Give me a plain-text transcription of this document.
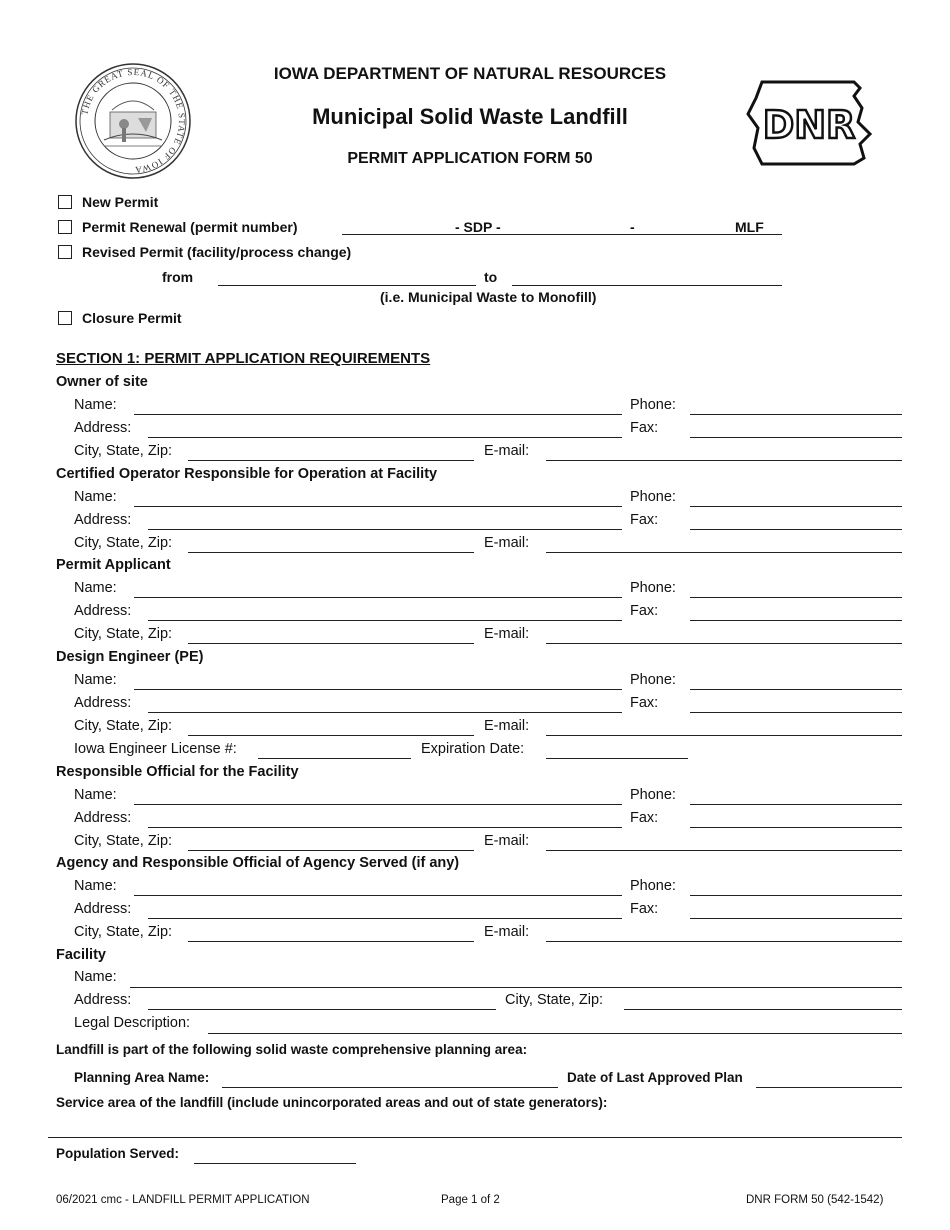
THE GREAT SEAL OF THE STATE OF IOWA
IOWA DEPARTMENT OF NATURAL RESOURCES
Municipal Solid Waste Landfill
PERMIT APPLICATION FORM 50
DNR
New Permit
Permit Renewal (permit number)	- SDP -	-	MLF
Revised Permit (facility/process change)
from	to
(i.e. Municipal Waste to Monofill)
Closure Permit
SECTION 1: PERMIT APPLICATION REQUIREMENTS
Owner of site
Name:	Phone:
Address:	Fax:
City, State, Zip:	E-mail:
Certified Operator Responsible for Operation at Facility
Name:	Phone:
Address:	Fax:
City, State, Zip:	E-mail:
Permit Applicant
Name:	Phone:
Address:	Fax:
City, State, Zip:	E-mail:
Design Engineer (PE)
Name:	Phone:
Address:	Fax:
City, State, Zip:	E-mail:
Iowa Engineer License #:	Expiration Date:
Responsible Official for the Facility
Name:	Phone:
Address:	Fax:
City, State, Zip:	E-mail:
Agency and Responsible Official of Agency Served (if any)
Name:	Phone:
Address:	Fax:
City, State, Zip:	E-mail:
Facility
Name:
Address:	City, State, Zip:
Legal Description:
Landfill is part of the following solid waste comprehensive planning area:
Planning Area Name:	Date of Last Approved Plan
Service area of the landfill (include unincorporated areas and out of state generators):
Population Served:
06/2021 cmc - LANDFILL PERMIT APPLICATION	Page 1 of 2	DNR FORM 50 (542-1542)
